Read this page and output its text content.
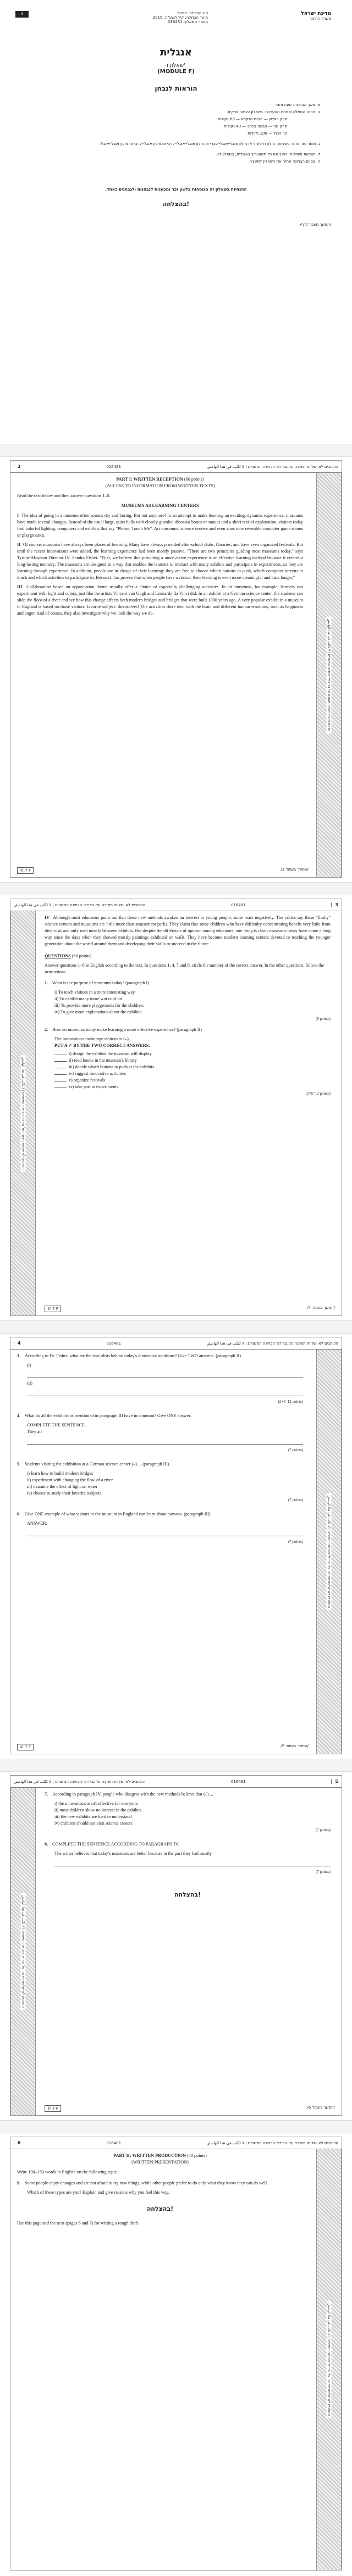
מדינת ישראל
משרד החינוך
סוג הבחינה: בגרות
מועד הבחינה: קיץ תשע"ה, 2015
מספר השאלון: 016481
3
אנגלית
שאלון ו'
(MODULE F)
הוראות לנבחן
א. משך הבחינה: שעה וחצי.
ב. מבנה השאלון ומפתח ההערכה: בשאלון זה שני פרקים.
פרק ראשון — הבנת הנקרא — 60 נקודות
פרק שני — הבעה בכתב — 40 נקודות
סך הכול — 100 נקודות
ג. חומר עזר מותר בשימוש: מילון דו-לשוני או מילון אנגלי-אנגלי-עברי או מילון אנגלי-אנגלי-ערבי או מילון אנגלי-ערבי או מילון אנגלי-אנגלי.
ד. הוראות מיוחדות: כתוב את כל תשובותיך באנגלית, בשאלון זה.
ה. בסיום הבחינה החזר את השאלון למשגיח.
ההנחיות בשאלון זה מנוסחות בלשון זכר ומכוונות לנבחנות ולנבחנים כאחד.
בהצלחה!
/המשך מעבר לדף/
2	016481	הכותבים לא ישלוחו תשובה על גבי דפי הבחינה המשניים | لا تَكتُب في هذا الهامش
הכותבים לא ישלוחו תשובה על גבי דפי הבחינה המשניים | لا تَكتُب في هذا الهامش
PART I: WRITTEN RECEPTION (60 points)
(ACCESS TO INFORMATION FROM WRITTEN TEXTS)

Read the text below and then answer questions 1–8.

MUSEUMS AS LEARNING CENTERS

I The idea of going to a museum often sounds dry and boring. But not anymore! In an attempt to make learning an exciting, dynamic experience, museums have made several changes. Instead of the usual large, quiet halls with closely guarded dinosaur bones or statues and a short text of explanation, visitors today find colorful lighting, computers and exhibits that say "Please, Touch Me". Art museums, science centers and even zoos now resemble computer game rooms or playgrounds.

II Of course, museums have always been places of learning. Many have always provided after-school clubs, libraries, and have even organized festivals. But until the recent innovations were added, the learning experience had been mostly passive. "There are two principles guiding most museums today," says Tyrone Museum Director Dr. Sandra Fisher. "First, we believe that providing a more active experience is an effective learning method because it creates a long-lasting memory. The museums are designed in a way that enables the learners to interact with many exhibits and participate in experiments, so they are learning through experience. In addition, people are in charge of their learning: they are free to choose which buttons to push, which computer screens to touch and which activities to participate in. Research has proven that when people have a choice, their learning is even more meaningful and lasts longer."

III Collaboration based on appreciation theme usually offer a choice of especially challenging activities. In art museums, for example, learners can experiment with light and colors, just like the artists Vincent van Gogh and Leonardo da Vinci did. In an exhibit at a German science center, the students can slide the floor of a river and see how this change affects both modern bridges and bridges that were built 1000 years ago. A very popular exhibit in a museum in England is based on those visitors' favorite subject: themselves! The activities there deal with the brain and different human emotions, such as happiness and anger. And of course, they also investigate why we look the way we do.

© 7 F	/המשך בעמוד 3/
הכותבים לא ישלוחו תשובה על גבי דפי הבחינה המשניים | لا تَكتُب في هذا الهامش	016481	3
הכותבים לא ישלוחו תשובה על גבי דפי הבחינה המשניים | لا تَكتُب في هذا الهامش

IV Although most educators point out that these new methods awaken an interest in young people, some react negatively. The critics say these "flashy" science centers and museums are little more than amusement parks. They claim that some children who have difficulty concentrating benefit very little from their visit and only rush mostly between exhibits. But despite the difference of opinion among educators, one thing is clear: museums today have come a long way since the days when they showed mostly paintings exhibited on walls. They have become modern learning centers devoted to teaching the younger generation about the world around them and developing their skills to succeed in the future.

QUESTIONS (60 points)

Answer questions 1–8 in English according to the text. In questions 1, 4, 7 and 8, circle the number of the correct answer. In the other questions, follow the instructions.

1. What is the purpose of museums today? (paragraph I)

i) To teach visitors in a more interesting way.
ii) To exhibit many more works of art.
iii) To provide more playgrounds for the children.
iv) To give more explanations about the exhibits.
(8 points)

2. How do museums today make learning a more effective experience? (paragraph II)

The innovations encourage visitors to (–) ...
PUT A ✓ BY THE TWO CORRECT ANSWERS.
i) design the exhibits the museum will display
ii) read books in the museum's library
iii) decide which buttons to push at the exhibits
iv) suggest innovative activities
v) organize festivals
vi) take part in experiments
(2×6=12 points)
© 7 F	/המשך בעמוד 4/
4	016481	הכותבים לא ישלוחו תשובה על גבי דפי הבחינה המשניים | لا تَكتُب في هذا الهامش
הכותבים לא ישלוחו תשובה על גבי דפי הבחינה המשניים | لا تَكتُب في هذا الهامش

3. According to Dr. Fisher, what are the two ideas behind today's innovative additions? Give TWO answers. (paragraph II)

(i)
(ii)
(2×6=12 points)

4. What do all the exhibitions mentioned in paragraph III have in common? Give ONE answer.

COMPLETE THE SENTENCE.
They all
(7 points)

5. Students visiting the exhibition at a German science center (–) ... (paragraph III)

i) learn how to build modern bridges
ii) experiment with changing the flow of a river
iii) examine the effect of light on water
iv) choose to study their favorite subjects
(7 points)

6. Give ONE example of what visitors to the museum in England can learn about humans. (paragraph III)

ANSWER:
(7 points)
© 7 F	/המשך בעמוד 5/
הכותבים לא ישלוחו תשובה על גבי דפי הבחינה המשניים | لا تَكتُب في هذا الهامش	016481	5
הכותבים לא ישלוחו תשובה על גבי דפי הבחינה המשניים | لا تَكتُب في هذا الهامش

7. According to paragraph IV, people who disagree with the new methods believe that (–) ...

i) the innovations aren't effective for everyone
ii) most children show no interest in the exhibits
iii) the new exhibits are hard to understand
iv) children should not visit science centers
(7 points)

8. COMPLETE THE SENTENCE ACCORDING TO PARAGRAPH IV.

The writer believes that today's museums are better because in the past they had mostly
(7 points)
בהצלחה!
© 7 F	/המשך בעמוד 6/
6	016481	הכותבים לא ישלוחו תשובה על גבי דפי הבחינה המשניים | لا تَكتُب في هذا الهامش
הכותבים לא ישלוחו תשובה על גבי דפי הבחינה המשניים | لا تَكتُب في هذا الهامش
PART II: WRITTEN PRODUCTION (40 points)
(WRITTEN PRESENTATION)

Write 100–150 words in English on the following topic.

9. Some people enjoy changes and are not afraid to try new things, while other people prefer to do only what they know they can do well.

Which of these types are you? Explain and give reasons why you feel this way.
בהצלחה!

Use this page and the next (pages 6 and 7) for writing a rough draft.
